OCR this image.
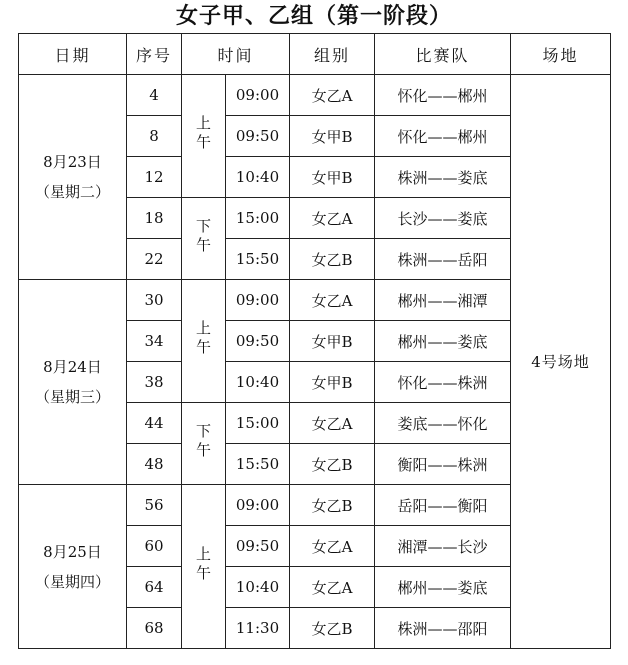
女子甲、乙组（第一阶段）
日期	序号	时间		组别	比赛队	场地

8月23日
（星期二）	4	上午	09:00	女乙A	怀化——郴州	4号场地
	8		09:50	女甲B	怀化——郴州	
	12		10:40	女甲B	株洲——娄底	
	18	下午	15:00	女乙A	长沙——娄底	
	22		15:50	女乙B	株洲——岳阳	

8月24日
（星期三）	30	上午	09:00	女乙A	郴州——湘潭	
	34		09:50	女甲B	郴州——娄底	
	38		10:40	女甲B	怀化——株洲	
	44	下午	15:00	女乙A	娄底——怀化	
	48		15:50	女乙B	衡阳——株洲	

8月25日
（星期四）	56	上午	09:00	女乙B	岳阳——衡阳	
	60		09:50	女乙A	湘潭——长沙	
	64		10:40	女乙A	郴州——娄底	
	68		11:30	女乙B	株洲——邵阳	
